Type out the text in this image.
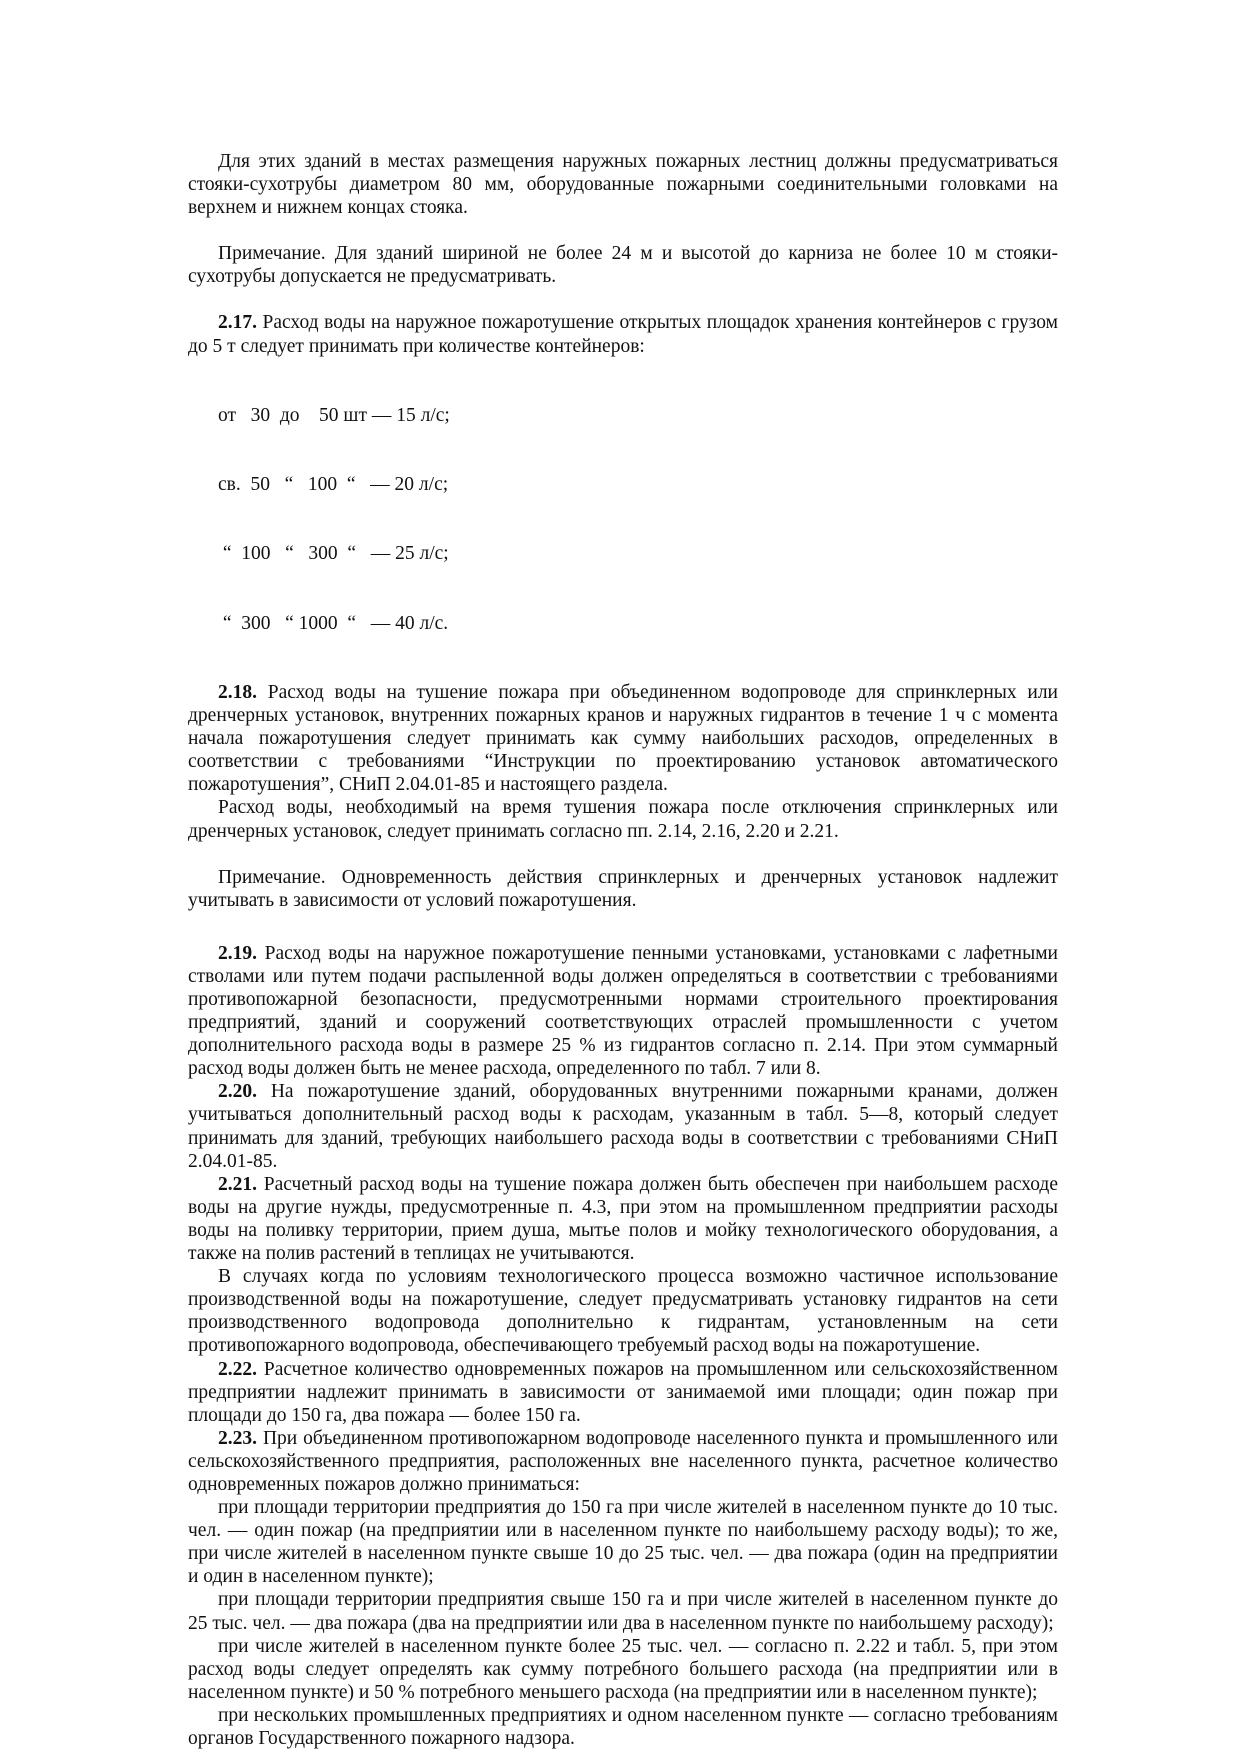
Для этих зданий в местах размещения наружных пожарных лестниц должны предусматриваться стояки-сухотрубы диаметром 80 мм, оборудованные пожарными соединительными головками на верхнем и нижнем концах стояка.

Примечание. Для зданий шириной не более 24 м и высотой до карниза не более 10 м стояки-сухотрубы допускается не предусматривать.

2.17. Расход воды на наружное пожаротушение открытых площадок хранения контейнеров с грузом до 5 т следует принимать при количестве контейнеров:

от   30  до    50 шт — 15 л/с;

св.  50   “   100  “   — 20 л/с;

“  100   “   300  “   — 25 л/с;

“  300   “ 1000  “   — 40 л/с.

2.18. Расход воды на тушение пожара при объединенном водопроводе для спринклерных или дренчерных установок, внутренних пожарных кранов и наружных гидрантов в течение 1 ч с момента начала пожаротушения следует принимать как сумму наибольших расходов, определенных в соответствии с требованиями “Инструкции по проектированию установок автоматического пожаротушения”, СНиП 2.04.01-85 и настоящего раздела.

Расход воды, необходимый на время тушения пожара после отключения спринклерных или дренчерных установок, следует принимать согласно пп. 2.14, 2.16, 2.20 и 2.21.

Примечание. Одновременность действия спринклерных и дренчерных установок надлежит учитывать в зависимости от условий пожаротушения.

2.19. Расход воды на наружное пожаротушение пенными установками, установками с лафетными стволами или путем подачи распыленной воды должен определяться в соответствии с требованиями противопожарной безопасности, предусмотренными нормами строительного проектирования предприятий, зданий и сооружений соответствующих отраслей промышленности с учетом дополнительного расхода воды в размере 25 % из гидрантов согласно п. 2.14. При этом суммарный расход воды должен быть не менее расхода, определенного по табл. 7 или 8.

2.20. На пожаротушение зданий, оборудованных внутренними пожарными кранами, должен учитываться дополнительный расход воды к расходам, указанным в табл. 5—8, который следует принимать для зданий, требующих наибольшего расхода воды в соответствии с требованиями СНиП 2.04.01-85.

2.21. Расчетный расход воды на тушение пожара должен быть обеспечен при наибольшем расходе воды на другие нужды, предусмотренные п. 4.3, при этом на промышленном предприятии расходы воды на поливку территории, прием душа, мытье полов и мойку технологического оборудования, а также на полив растений в теплицах не учитываются.

В случаях когда по условиям технологического процесса возможно частичное использование производственной воды на пожаротушение, следует предусматривать установку гидрантов на сети производственного водопровода дополнительно к гидрантам, установленным на сети противопожарного водопровода, обеспечивающего требуемый расход воды на пожаротушение.

2.22. Расчетное количество одновременных пожаров на промышленном или сельскохозяйственном предприятии надлежит принимать в зависимости от занимаемой ими площади; один пожар при площади до 150 га, два пожара — более 150 га.

2.23. При объединенном противопожарном водопроводе населенного пункта и промышленного или сельскохозяйственного предприятия, расположенных вне населенного пункта, расчетное количество одновременных пожаров должно приниматься:

при площади территории предприятия до 150 га при числе жителей в населенном пункте до 10 тыс. чел. — один пожар (на предприятии или в населенном пункте по наибольшему расходу воды); то же, при числе жителей в населенном пункте свыше 10 до 25 тыс. чел. — два пожара (один на предприятии и один в населенном пункте);

при площади территории предприятия свыше 150 га и при числе жителей в населенном пункте до 25 тыс. чел. — два пожара (два на предприятии или два в населенном пункте по наибольшему расходу);

при числе жителей в населенном пункте более 25 тыс. чел. — согласно п. 2.22 и табл. 5, при этом расход воды следует определять как сумму потребного большего расхода (на предприятии или в населенном пункте) и 50 % потребного меньшего расхода (на предприятии или в населенном пункте);

при нескольких промышленных предприятиях и одном населенном пункте — согласно требованиям органов Государственного пожарного надзора.
